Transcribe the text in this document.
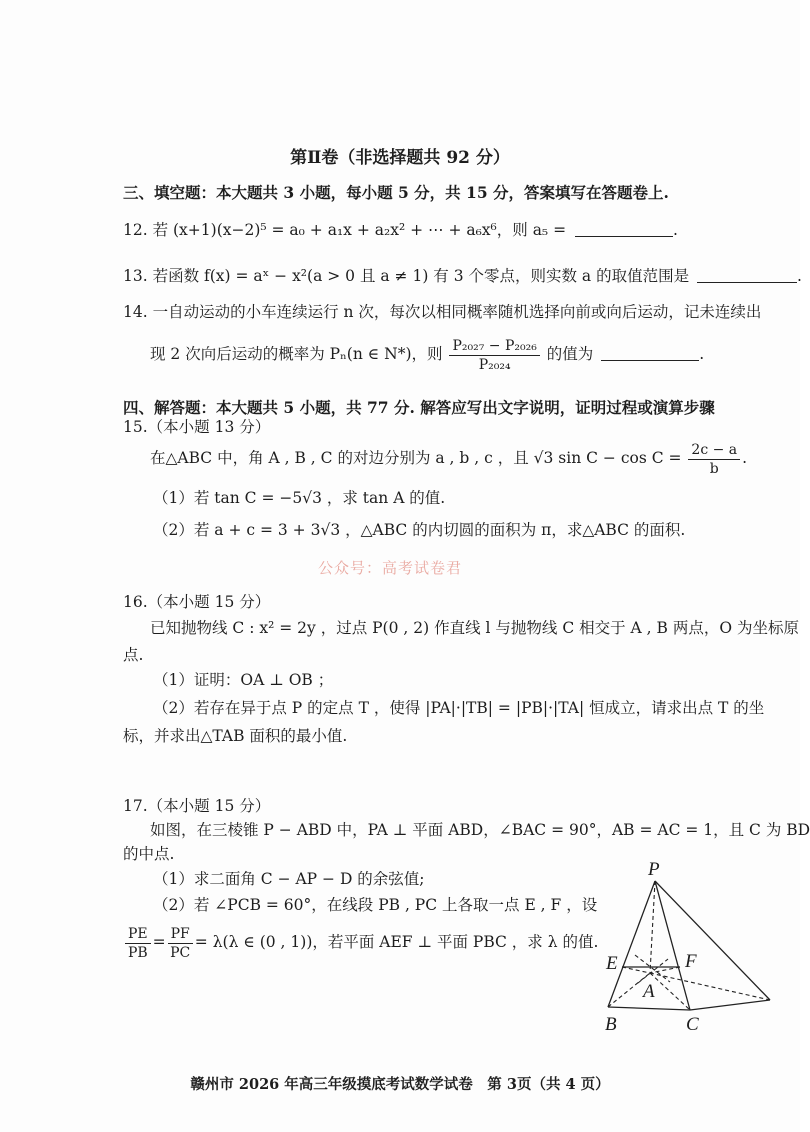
第Ⅱ卷（非选择题共 92 分）
三、填空题：本大题共 3 小题，每小题 5 分，共 15 分，答案填写在答题卷上.
12. 若 (x+1)(x−2)⁵ = a₀ + a₁x + a₂x² + ⋯ + a₆x⁶，则 a₅ =	.
13. 若函数 f(x) = aˣ − x²(a > 0 且 a ≠ 1) 有 3 个零点，则实数 a 的取值范围是	.
14. 一自动运动的小车连续运行 n 次，每次以相同概率随机选择向前或向后运动，记未连续出
现 2 次向后运动的概率为 Pₙ(n ∈ N*)，则 $\frac{\text{P₂₀₂₇ − P₂₀₂₆}}{\text{P₂₀₂₄}}$ 的值为	.
四、解答题：本大题共 5 小题，共 77 分. 解答应写出文字说明，证明过程或演算步骤
15.（本小题 13 分）
在△ABC 中，角 A , B , C 的对边分别为 a , b , c ，且 √3 $\sin C - \cos C = \frac{2c - a}{b}$ .
（1）若 tan C = −5√3 ，求 tan A 的值.
（2）若 a + c = 3 + 3√3 ，△ABC 的内切圆的面积为 π，求△ABC 的面积.
公众号：高考试卷君
16.（本小题 15 分）
已知抛物线 C : x² = 2y ，过点 P(0 , 2) 作直线 l 与抛物线 C 相交于 A , B 两点，O 为坐标原
点.
（1）证明：OA ⊥ OB ；
（2）若存在异于点 P 的定点 T ，使得 |PA|·|TB| = |PB|·|TA| 恒成立，请求出点 T 的坐
标，并求出△TAB 面积的最小值.
17.（本小题 15 分）
如图，在三棱锥 P − ABD 中，PA ⊥ 平面 ABD，∠BAC = 90°，AB = AC = 1，且 C 为 BD
的中点.
（1）求二面角 C − AP − D 的余弦值;
（2）若 ∠PCB = 60°，在线段 PB , PC 上各取一点 E , F ，设
$\frac{PE}{PB} = \frac{PF}{PC} = \lambda(\lambda$ ∈ (0 , 1))，若平面 AEF ⊥ 平面 PBC ，求 λ 的值.
P
E	F
A
B	C
赣州市 2026 年高三年级摸底考试数学试卷　第 3页（共 4 页）
